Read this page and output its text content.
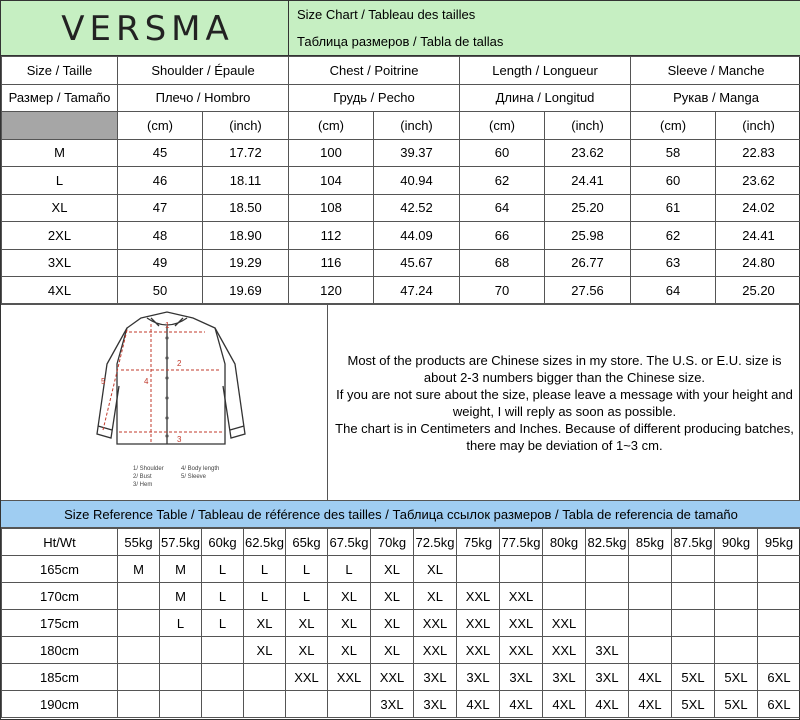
VERSMA	Size Chart / Tableau des tailles
Таблица размеров / Tabla de tallas
Size / Taille	Shoulder / Épaule		Chest / Poitrine		Length / Longueur		Sleeve / Manche	
Размер / Tamaño	Плечо / Hombro		Грудь / Pecho		Длина / Longitud		Рукав / Manga	
	(cm)	(inch)	(cm)	(inch)	(cm)	(inch)	(cm)	(inch)
M	45	17.72	100	39.37	60	23.62	58	22.83
L	46	18.11	104	40.94	62	24.41	60	23.62
XL	47	18.50	108	42.52	64	25.20	61	24.02
2XL	48	18.90	112	44.09	66	25.98	62	24.41
3XL	49	19.29	116	45.67	68	26.77	63	24.80
4XL	50	19.69	120	47.24	70	27.56	64	25.20
1
2
3
4
5
1/ Shoulder	4/ Body length
2/ Bust	5/ Sleeve
3/ Hem
Most of the products are Chinese sizes in my store. The U.S. or E.U. size is
about 2-3 numbers bigger than the Chinese size.
If you are not sure about the size, please leave a message with your height and
weight, I will reply as soon as possible.
The chart is in Centimeters and Inches. Because of different producing batches,
there may be deviation of 1~3 cm.
Size Reference Table / Tableau de référence des tailles / Таблица ссылок размеров / Tabla de referencia de tamaño
Ht/Wt	55kg	57.5kg	60kg	62.5kg	65kg	67.5kg	70kg	72.5kg	75kg	77.5kg	80kg	82.5kg	85kg	87.5kg	90kg	95kg
165cm	M	M	L	L	L	L	XL	XL								
170cm		M	L	L	L	XL	XL	XL	XXL	XXL						
175cm		L	L	XL	XL	XL	XL	XXL	XXL	XXL	XXL					
180cm				XL	XL	XL	XL	XXL	XXL	XXL	XXL	3XL				
185cm					XXL	XXL	XXL	3XL	3XL	3XL	3XL	3XL	4XL	5XL	5XL	6XL
190cm							3XL	3XL	4XL	4XL	4XL	4XL	4XL	5XL	5XL	6XL
